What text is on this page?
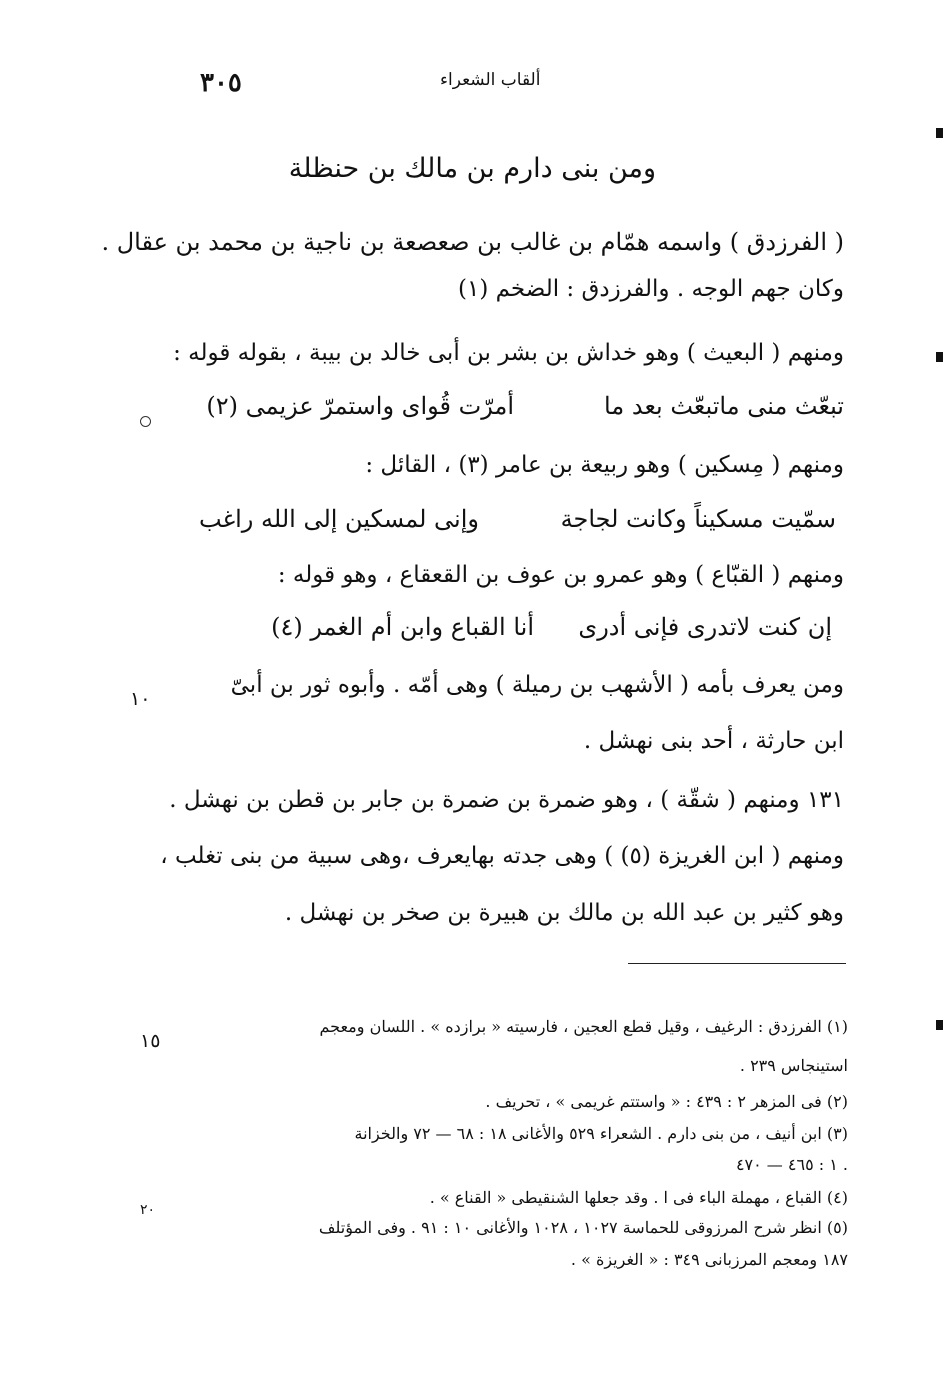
ألقاب الشعراء
٣٠٥
ومن بنى دارم بن مالك بن حنظلة
( الفرزدق ) واسمه همّام بن غالب بن صعصعة بن ناجية بن محمد بن عقال .
وكان جهم الوجه . والفرزدق : الضخم (١)
ومنهم ( البعيث ) وهو خداش بن بشر بن أبى خالد بن بيبة ، بقوله قوله :
تبعّث منى ماتبعّث بعد ما
أمرّت قُواى واستمرّ عزيمى (٢)
ومنهم ( مِسكين ) وهو ربيعة بن عامر (٣) ، القائل :
سمّيت مسكيناً وكانت لجاجة
وإنى لمسكين إلى الله راغب
ومنهم ( القبّاع ) وهو عمرو بن عوف بن القعقاع ، وهو قوله :
إن كنت لاتدرى فإنى أدرى
أنا القباع وابن أم الغمر (٤)
ومن يعرف بأمه ( الأشهب بن رميلة ) وهى أمّه . وأبوه ثور بن أبىّ
ابن حارثة ، أحد بنى نهشل .
١٣١ ومنهم ( شقّة ) ، وهو ضمرة بن ضمرة بن جابر بن قطن بن نهشل .
ومنهم ( ابن الغريزة (٥) ) وهى جدته بهايعرف ،وهى سبية من بنى تغلب ،
وهو كثير بن عبد الله بن مالك بن هبيرة بن صخر بن نهشل .
١٠
١٥
٢٠
(١) الفرزدق : الرغيف ، وقيل قطع العجين ، فارسيته « برازده » . اللسان ومعجم
استينجاس ٢٣٩ .
(٢) فى المزهر ٢ : ٤٣٩ : « واستتم غريمى » ، تحريف .
(٣) ابن أنيف ، من بنى دارم . الشعراء ٥٢٩ والأغانى ١٨ : ٦٨ — ٧٢ والخزانة
١ : ٤٦٥ — ٤٧٠ .
(٤) القباع ، مهملة الباء فى ا . وقد جعلها الشنقيطى « القناع » .
(٥) انظر شرح المرزوقى للحماسة ١٠٢٧ ، ١٠٢٨ والأغانى ١٠ : ٩١ . وفى المؤتلف
١٨٧ ومعجم المرزبانى ٣٤٩ : « الغريزة » .
